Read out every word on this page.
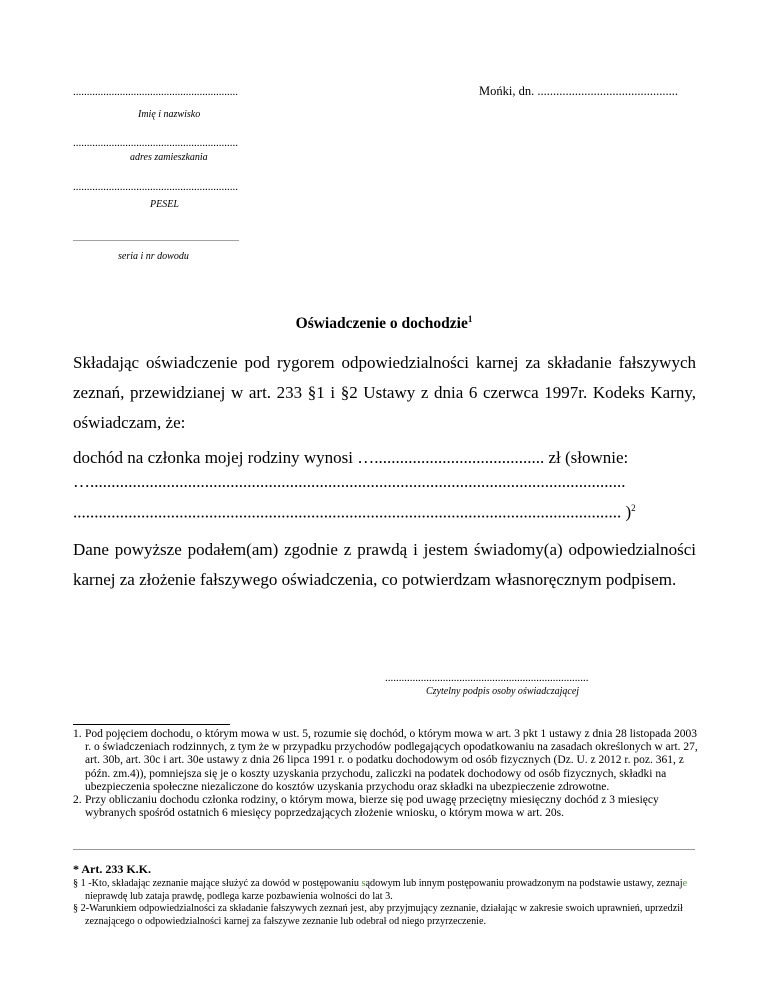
............................................................
Imię i nazwisko
............................................................
adres zamieszkania
............................................................
PESEL
...................................................................................
seria i nr dowodu
Mońki, dn. .............................................
Oświadczenie o dochodzie$^1$
Składając oświadczenie pod rygorem odpowiedzialności karnej za składanie fałszywych zeznań, przewidzianej w art. 233 §1 i §2 Ustawy z dnia 6 czerwca 1997r. Kodeks Karny, oświadczam, że:
dochód na członka mojej rodziny wynosi …........................................ zł (słownie:
…..............................................................................................................................
................................................................................................................................. )$^2$
Dane powyższe podałem(am) zgodnie z prawdą i jestem świadomy(a) odpowiedzialności karnej za złożenie fałszywego oświadczenia, co potwierdzam własnoręcznym podpisem.
..........................................................................
Czytelny podpis osoby oświadczającej
1. Pod pojęciem dochodu, o którym mowa w ust. 5, rozumie się dochód, o którym mowa w art. 3 pkt 1 ustawy z dnia 28 listopada 2003 r. o świadczeniach rodzinnych, z tym że w przypadku przychodów podlegających opodatkowaniu na zasadach określonych w art. 27, art. 30b, art. 30c i art. 30e ustawy z dnia 26 lipca 1991 r. o podatku dochodowym od osób fizycznych (Dz. U. z 2012 r. poz. 361, z późn. zm.4)), pomniejsza się je o koszty uzyskania przychodu, zaliczki na podatek dochodowy od osób fizycznych, składki na ubezpieczenia społeczne niezaliczone do kosztów uzyskania przychodu oraz składki na ubezpieczenie zdrowotne.
2. Przy obliczaniu dochodu członka rodziny, o którym mowa, bierze się pod uwagę przeciętny miesięczny dochód z 3 miesięcy wybranych spośród ostatnich 6 miesięcy poprzedzających złożenie wniosku, o którym mowa w art. 20s.
* Art. 233 K.K.
§ 1 -Kto, składając zeznanie mające służyć za dowód w postępowaniu sądowym lub innym postępowaniu prowadzonym na podstawie ustawy, zeznaje nieprawdę lub zataja prawdę, podlega karze pozbawienia wolności do lat 3.
§ 2-Warunkiem odpowiedzialności za składanie fałszywych zeznań jest, aby przyjmujący zeznanie, działając w zakresie swoich uprawnień, uprzedził zeznającego o odpowiedzialności karnej za fałszywe zeznanie lub odebrał od niego przyrzeczenie.
